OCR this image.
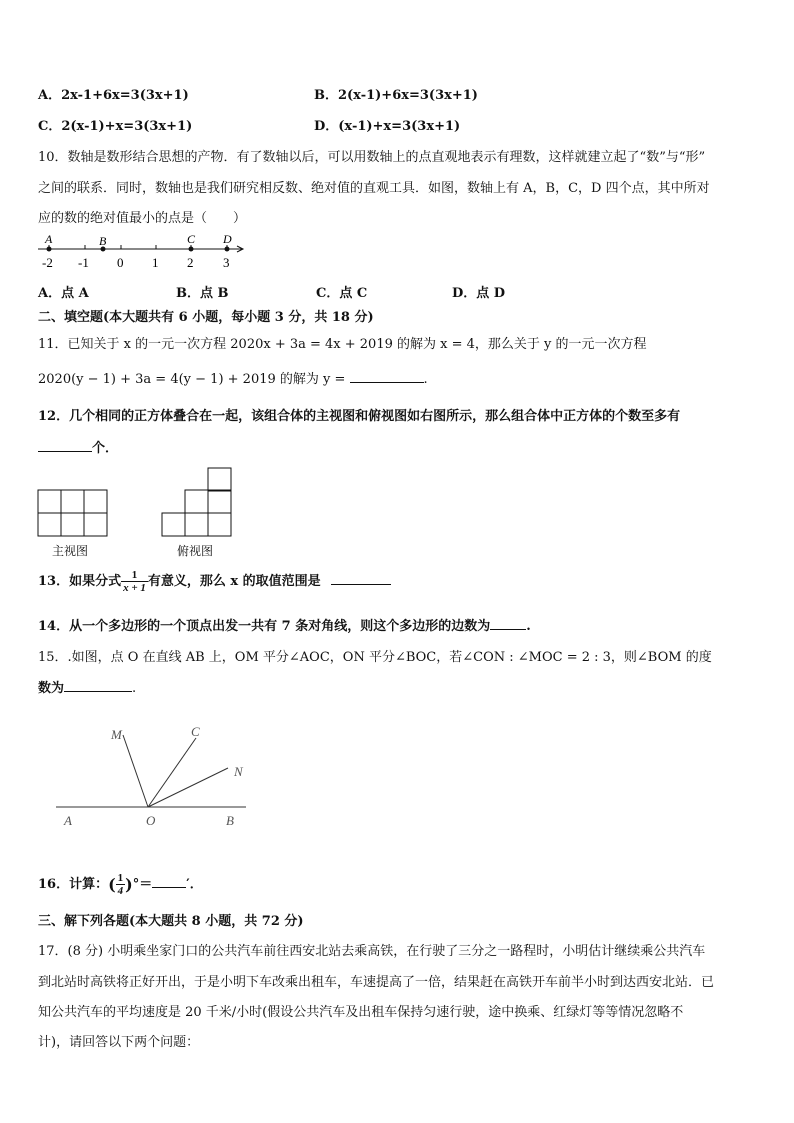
A．2x-1+6x=3(3x+1)	B．2(x-1)+6x=3(3x+1)
C．2(x-1)+x=3(3x+1)	D．(x-1)+x=3(3x+1)
10．数轴是数形结合思想的产物．有了数轴以后，可以用数轴上的点直观地表示有理数，这样就建立起了“数”与“形”
之间的联系．同时，数轴也是我们研究相反数、绝对值的直观工具．如图，数轴上有 A，B，C，D 四个点，其中所对
应的数的绝对值最小的点是（　　）
A	B	C D
-2 -1 0 1 2 3
A．点 A	B．点 B	C．点 C	D．点 D
二、填空题(本大题共有 6 小题，每小题 3 分，共 18 分)
11．已知关于 x 的一元一次方程 2020x + 3a = 4x + 2019 的解为 x = 4，那么关于 y 的一元一次方程
2020(y − 1) + 3a = 4(y − 1) + 2019 的解为 y =	.
12．几个相同的正方体叠合在一起，该组合体的主视图和俯视图如右图所示，那么组合体中正方体的个数至多有
个．
主视图	俯视图
13．如果分式 $\frac{1}{x + 1}$ 有意义，那么 x 的取值范围是
14．从一个多边形的一个顶点出发一共有 7 条对角线，则这个多边形的边数为	.
15．.如图，点 O 在直线 AB 上，OM 平分∠AOC，ON 平分∠BOC，若∠CON : ∠MOC = 2 : 3，则∠BOM 的度
数为	.
M	C
N
A	O	B
16．计算：( $\frac{1}{4}$ )°＝	′．
三、解下列各题(本大题共 8 小题，共 72 分)
17．(8 分) 小明乘坐家门口的公共汽车前往西安北站去乘高铁，在行驶了三分之一路程时，小明估计继续乘公共汽车
到北站时高铁将正好开出，于是小明下车改乘出租车，车速提高了一倍，结果赶在高铁开车前半小时到达西安北站．已
知公共汽车的平均速度是 20 千米/小时(假设公共汽车及出租车保持匀速行驶，途中换乘、红绿灯等等情况忽略不
计)，请回答以下两个问题：
